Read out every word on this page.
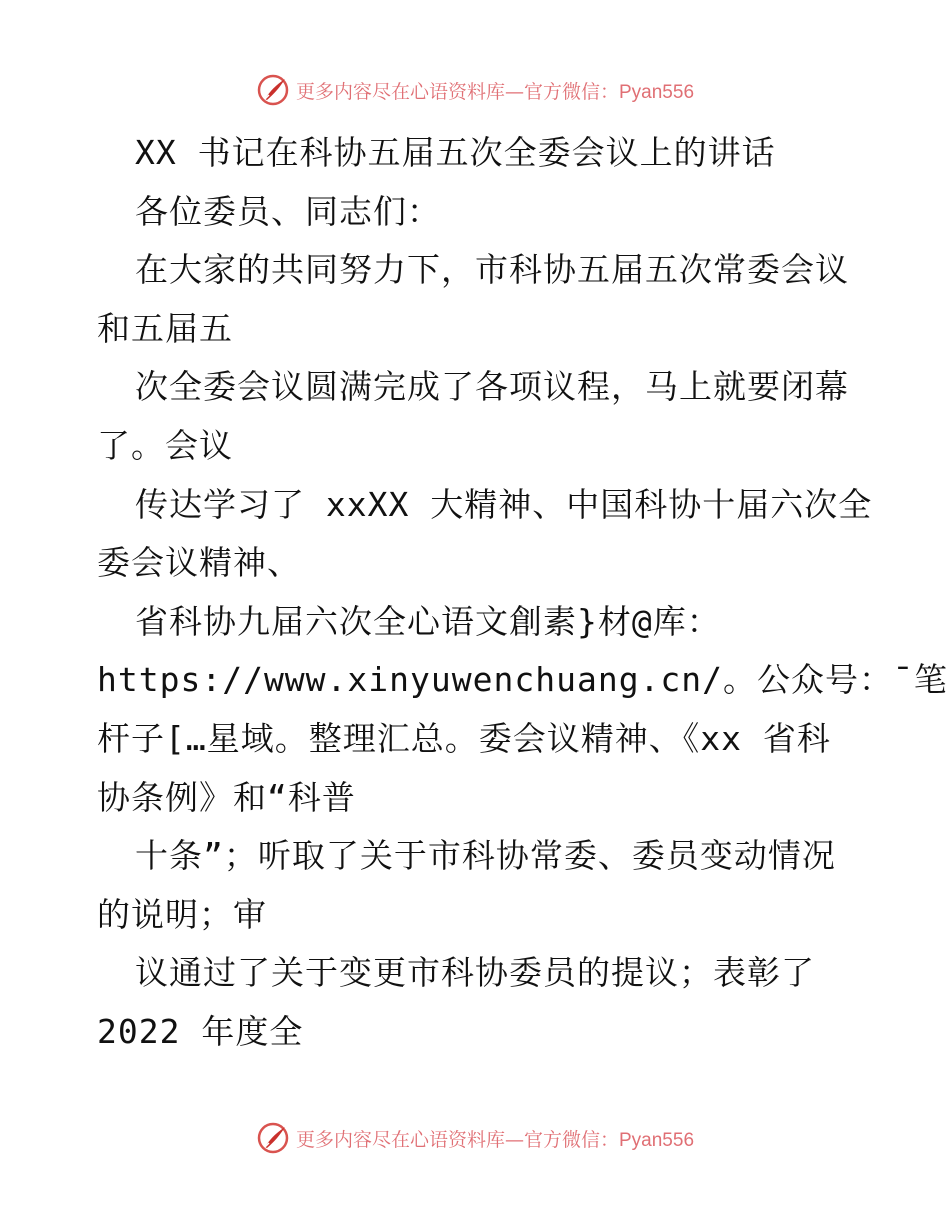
更多内容尽在心语资料库—官方微信：Pyan556
XX 书记在科协五届五次全委会议上的讲话
各位委员、同志们：
在大家的共同努力下，市科协五届五次常委会议
和五届五
次全委会议圆满完成了各项议程，马上就要闭幕
了。会议
传达学习了 xxXX 大精神、中国科协十届六次全
委会议精神、
省科协九届六次全心语文創素}材@库：
https://www.xinyuwenchuang.cn/。公众号：¯笔
杆子[…星域。整理汇总。委会议精神、《xx 省科
协条例》和“科普
十条”；听取了关于市科协常委、委员变动情况
的说明；审
议通过了关于变更市科协委员的提议；表彰了
2022 年度全
更多内容尽在心语资料库—官方微信：Pyan556
